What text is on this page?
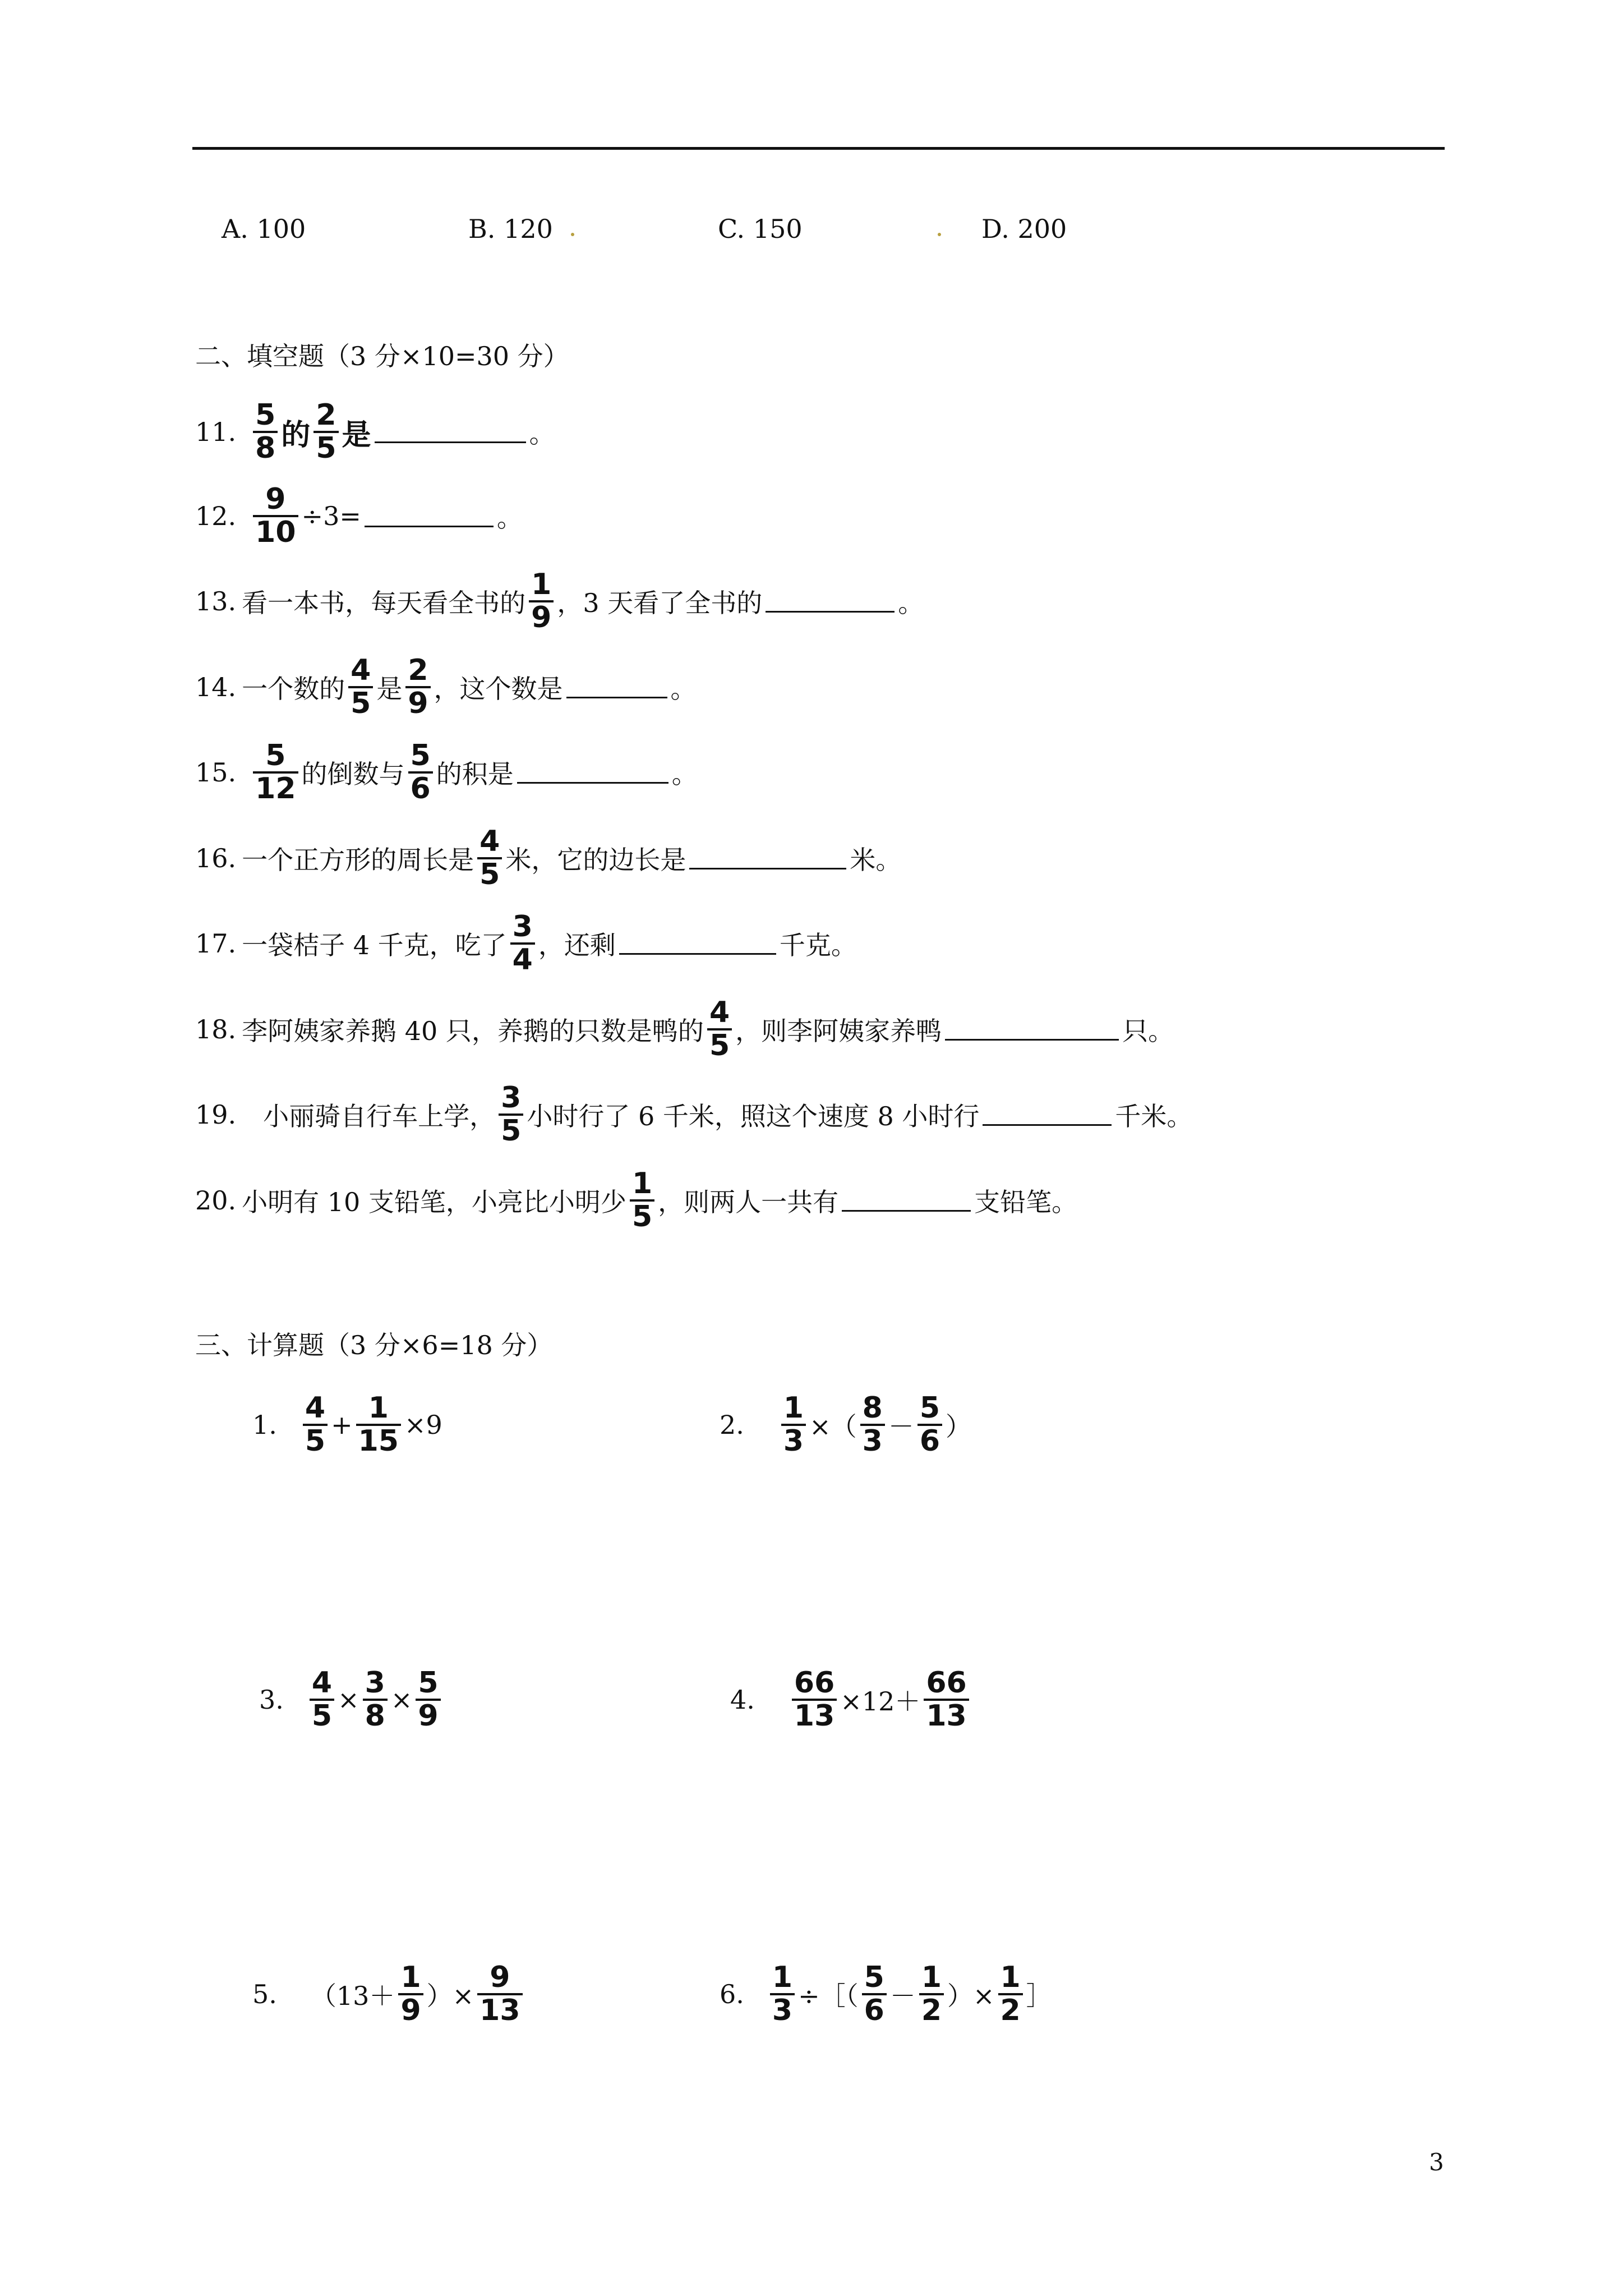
A. 100	B. 120	C. 150	D. 200
二、填空题（3 分×10=30 分）
11. $\frac{5}{8}$ 的 $\frac{2}{5}$ 是	。
12. $\frac{9}{10} \div 3=$	。
13. 看一本书，每天看全书的 $\frac{1}{9}$ ，3 天看了全书的	。
14. 一个数的 $\frac{4}{5}$ 是 $\frac{2}{9}$ ，这个数是	。
15. $\frac{5}{12}$ 的倒数与 $\frac{5}{6}$ 的积是	。
16. 一个正方形的周长是 $\frac{4}{5}$ 米，它的边长是	米。
17. 一袋桔子 4 千克，吃了 $\frac{3}{4}$ ，还剩	千克。
18. 李阿姨家养鹅 40 只，养鹅的只数是鸭的 $\frac{4}{5}$ ，则李阿姨家养鸭	只。
19. 小丽骑自行车上学， $\frac{3}{5}$ 小时行了 6 千米，照这个速度 8 小时行	千米。
20. 小明有 10 支铅笔，小亮比小明少 $\frac{1}{5}$ ，则两人一共有	支铅笔。
三、计算题（3 分×6=18 分）
1. $\frac{4}{5} + \frac{1}{15} \times 9$	2. $\frac{1}{3}$ ×（ $\frac{8}{3} - \frac{5}{6}$ ）
3. $\frac{4}{5} \times \frac{3}{8} \times \frac{5}{9}$	4. $\frac{66}{13} \times 12+ \frac{66}{13}$
5. （$13+ \frac{1}{9}$ ）× $\frac{9}{13}$	6. $\frac{1}{3}$ ÷［（ $\frac{5}{6} - \frac{1}{2}$ ）× $\frac{1}{2}$ ］
3
